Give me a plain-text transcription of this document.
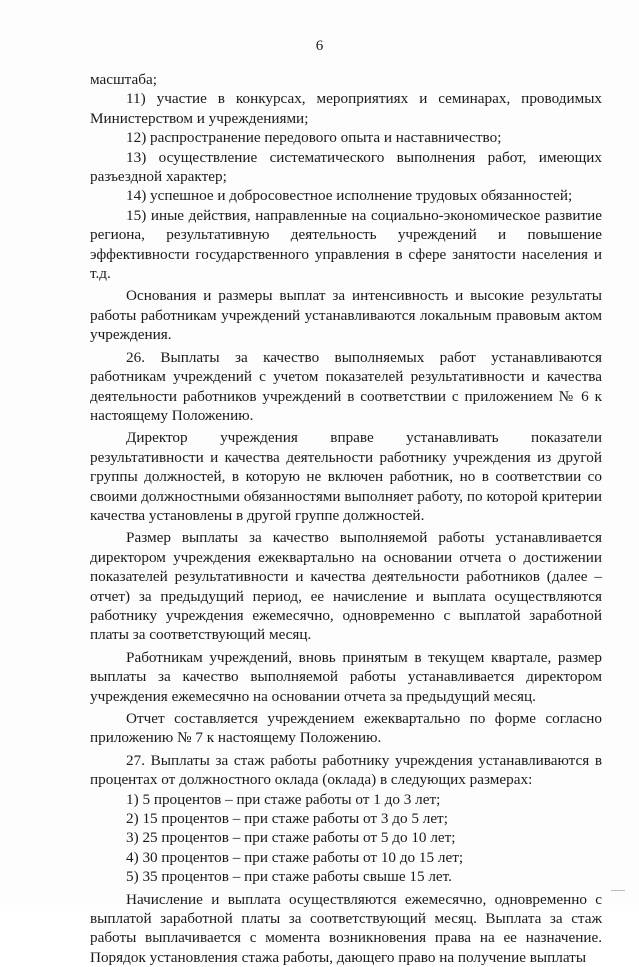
6

масштаба;

11) участие в конкурсах, мероприятиях и семинарах, проводимых Министерством и учреждениями;

12) распространение передового опыта и наставничество;

13) осуществление систематического выполнения работ, имеющих разъездной характер;

14) успешное и добросовестное исполнение трудовых обязанностей;

15) иные действия, направленные на социально-экономическое развитие региона, результативную деятельность учреждений и повышение эффективности государственного управления в сфере занятости населения и т.д.

Основания и размеры выплат за интенсивность и высокие результаты работы работникам учреждений устанавливаются локальным правовым актом учреждения.

26. Выплаты за качество выполняемых работ устанавливаются работникам учреждений с учетом показателей результативности и качества деятельности работников учреждений в соответствии с приложением № 6 к настоящему Положению.

Директор учреждения вправе устанавливать показатели результативности и качества деятельности работнику учреждения из другой группы должностей, в которую не включен работник, но в соответствии со своими должностными обязанностями выполняет работу, по которой критерии качества установлены в другой группе должностей.

Размер выплаты за качество выполняемой работы устанавливается директором учреждения ежеквартально на основании отчета о достижении показателей результативности и качества деятельности работников (далее – отчет) за предыдущий период, ее начисление и выплата осуществляются работнику учреждения ежемесячно, одновременно с выплатой заработной платы за соответствующий месяц.

Работникам учреждений, вновь принятым в текущем квартале, размер выплаты за качество выполняемой работы устанавливается директором учреждения ежемесячно на основании отчета за предыдущий месяц.

Отчет составляется учреждением ежеквартально по форме согласно приложению № 7 к настоящему Положению.

27. Выплаты за стаж работы работнику учреждения устанавливаются в процентах от должностного оклада (оклада) в следующих размерах:

1) 5 процентов – при стаже работы от 1 до 3 лет;

2) 15 процентов – при стаже работы от 3 до 5 лет;

3) 25 процентов – при стаже работы от 5 до 10 лет;

4) 30 процентов – при стаже работы от 10 до 15 лет;

5) 35 процентов – при стаже работы свыше 15 лет.

Начисление и выплата осуществляются ежемесячно, одновременно с выплатой заработной платы за соответствующий месяц. Выплата за стаж работы выплачивается с момента возникновения права на ее назначение. Порядок установления стажа работы, дающего право на получение выплаты
